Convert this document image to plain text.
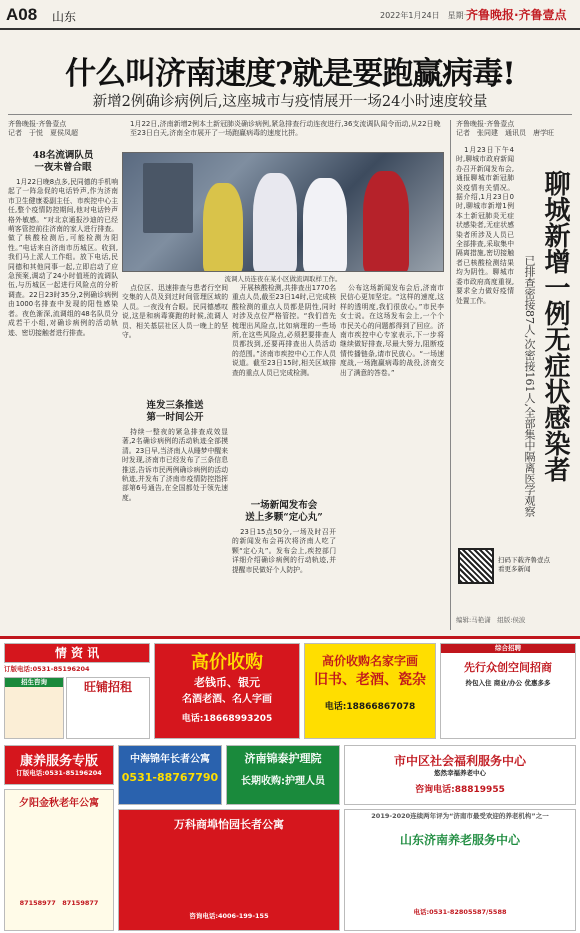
A08 山东	2022年1月24日　星期一
齐鲁晚报·齐鲁壹点
什么叫济南速度?就是要跑赢病毒!
新增2例确诊病例后,这座城市与疫情展开一场24小时速度较量
齐鲁晚报·齐鲁壹点
记者　于悦　夏侯凤超
1月22日,济南新增2例本土新冠肺炎确诊病例,紧急排查行动连夜进行,36支流调队闻令而动,从22日晚至23日白天,济南全市展开了一场跑赢病毒的速度比拼。
流调人员连夜在某小区做流调取样工作。
48名流调队员
一夜未曾合眼
1月22日晚8点多,民同德的手机响起了一阵急促的电话铃声,作为济南市卫生健康委副主任、市疾控中心主任,整个疫情防控期间,他对电话铃声格外敏感。“对北京通报沙迪的已经萌客管控前往济南的家人进行排查。做了核酸检测后,可能检测为阳性。”电话来自济南市历城区。收到,我们马上派人工作组。放下电话,民同德和其他同事一起,立即启动了应急预案,调动了24小时值班的流调队伍,与历城区一起进行风险点的分析调查。22日23时35分,2例确诊病例由1000名排查中发现的阳性感染者。夜色渐深,流调组的48名队员分成若干小组,对确诊病例的活动轨迹、密切接触者进行排查。
点位区、迅速排查与患者行空间交集的人员及到过时间管理区域的人员。一夜没有合眼。民同德感叹说,这是和病毒赛跑的时候,流调人员、相关基层社区人员一晚上的坚守。
连发三条推送
第一时间公开
持续一整夜的紧急排查成效显著,2名确诊病例的活动轨迹全部摸清。23日早,当济南人从睡梦中醒来时发现,济南市已经发布了三条信息推送,告诉市民两例确诊病例的活动轨迹,并发布了济南市疫情防控指挥部第6号通告,在全国都处于领先速度。
开展核酸检测,共排查出1770名重点人员,截至23日14时,已完成核酸检测的重点人员都是阴性,同时对涉及点位严格管控。“我们首先梳理出风险点,比如病理的一些场所,在这些风险点,必须把要排查人员都找到,还要再排查出人员活动的范围。”济南市疾控中心工作人员说道。截至23日15时,相关区域排查的重点人员已完成检测。
一场新闻发布会
送上多颗“定心丸”
23日15点50分,一场及时召开的新闻发布会再次将济南人吃了颗“定心丸”。发布会上,疾控部门详细介绍确诊病例的行动轨迹,并提醒市民做好个人防护。
公布这场新闻发布会后,济南市民信心更加坚定。“这样的速度,这样的透明度,我们很放心。”市民李女士说。在这场发布会上,一个个市民关心的问题都得到了回应。济南市疾控中心专家表示,下一步将继续做好排查,尽最大努力,阻断疫情传播链条,请市民放心。“一场速度战,一场跑赢病毒的战役,济南交出了满意的答卷。”
齐鲁晚报·齐鲁壹点
记者　张同建　通讯员　唐学旺
1月23日下午4时,聊城市政府新闻办召开新闻发布会,通报聊城市新冠肺炎疫情有关情况。据介绍,1月23日0时,聊城市新增1例本土新冠肺炎无症状感染者,无症状感染者所涉及人员已全部排查,采取集中隔离措施,密切接触者已核酸检测结果均为阴性。聊城市委市政府高度重视,要求全力做好疫情处置工作。	聊城新增一例无症状感染者
已排查密接87人,次密接161人,全部集中隔离医学观察
扫码下载齐鲁壹点
看更多新闻
编辑:马艳潇　组版:侯波
情 资 讯
订版电话:0531-85196204
招生咨询	旺铺招租
高价收购
老钱币、银元
名酒老酒、名人字画
电话:18668993205
高价收购名家字画
旧书、老酒、瓷杂
电话:18866867078
综合招聘
先行众创空间招商
拎包入住 商业/办公 优惠多多
康养服务专版
订版电话:0531-85196204
中海锦年长者公寓
0531-88767790
济南锦泰护理院
长期收购:护理人员
市中区社会福利服务中心
悠然幸福养老中心
咨询电话:88819955
夕阳金秋老年公寓
87158977　87159877
万科商埠怡园长者公寓
咨询电话:4006-199-155
2019-2020连续两年评为“济南市最受欢迎的养老机构”之一
山东济南养老服务中心
电话:0531-82805587/5588
